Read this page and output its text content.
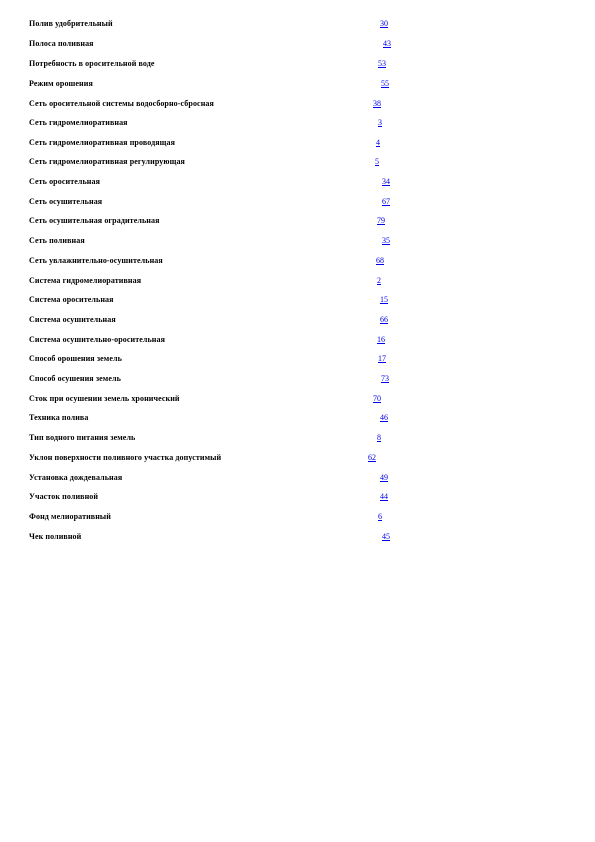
Полив удобрительный	30
Полоса поливная	43
Потребность в оросительной воде	53
Режим орошения	55
Сеть оросительной системы водосборно-сбросная	38
Сеть гидромелиоративная	3
Сеть гидромелиоративная проводящая	4
Сеть гидромелиоративная регулирующая	5
Сеть оросительная	34
Сеть осушительная	67
Сеть осушительная оградительная	79
Сеть поливная	35
Сеть увлажнительно-осушительная	68
Система гидромелиоративная	2
Система оросительная	15
Система осушительная	66
Система осушительно-оросительная	16
Способ орошения земель	17
Способ осушения земель	73
Сток при осушении земель хронический	70
Техника полива	46
Тип водного питания земель	8
Уклон поверхности поливного участка допустимый	62
Установка дождевальная	49
Участок поливной	44
Фонд мелиоративный	6
Чек поливной	45
